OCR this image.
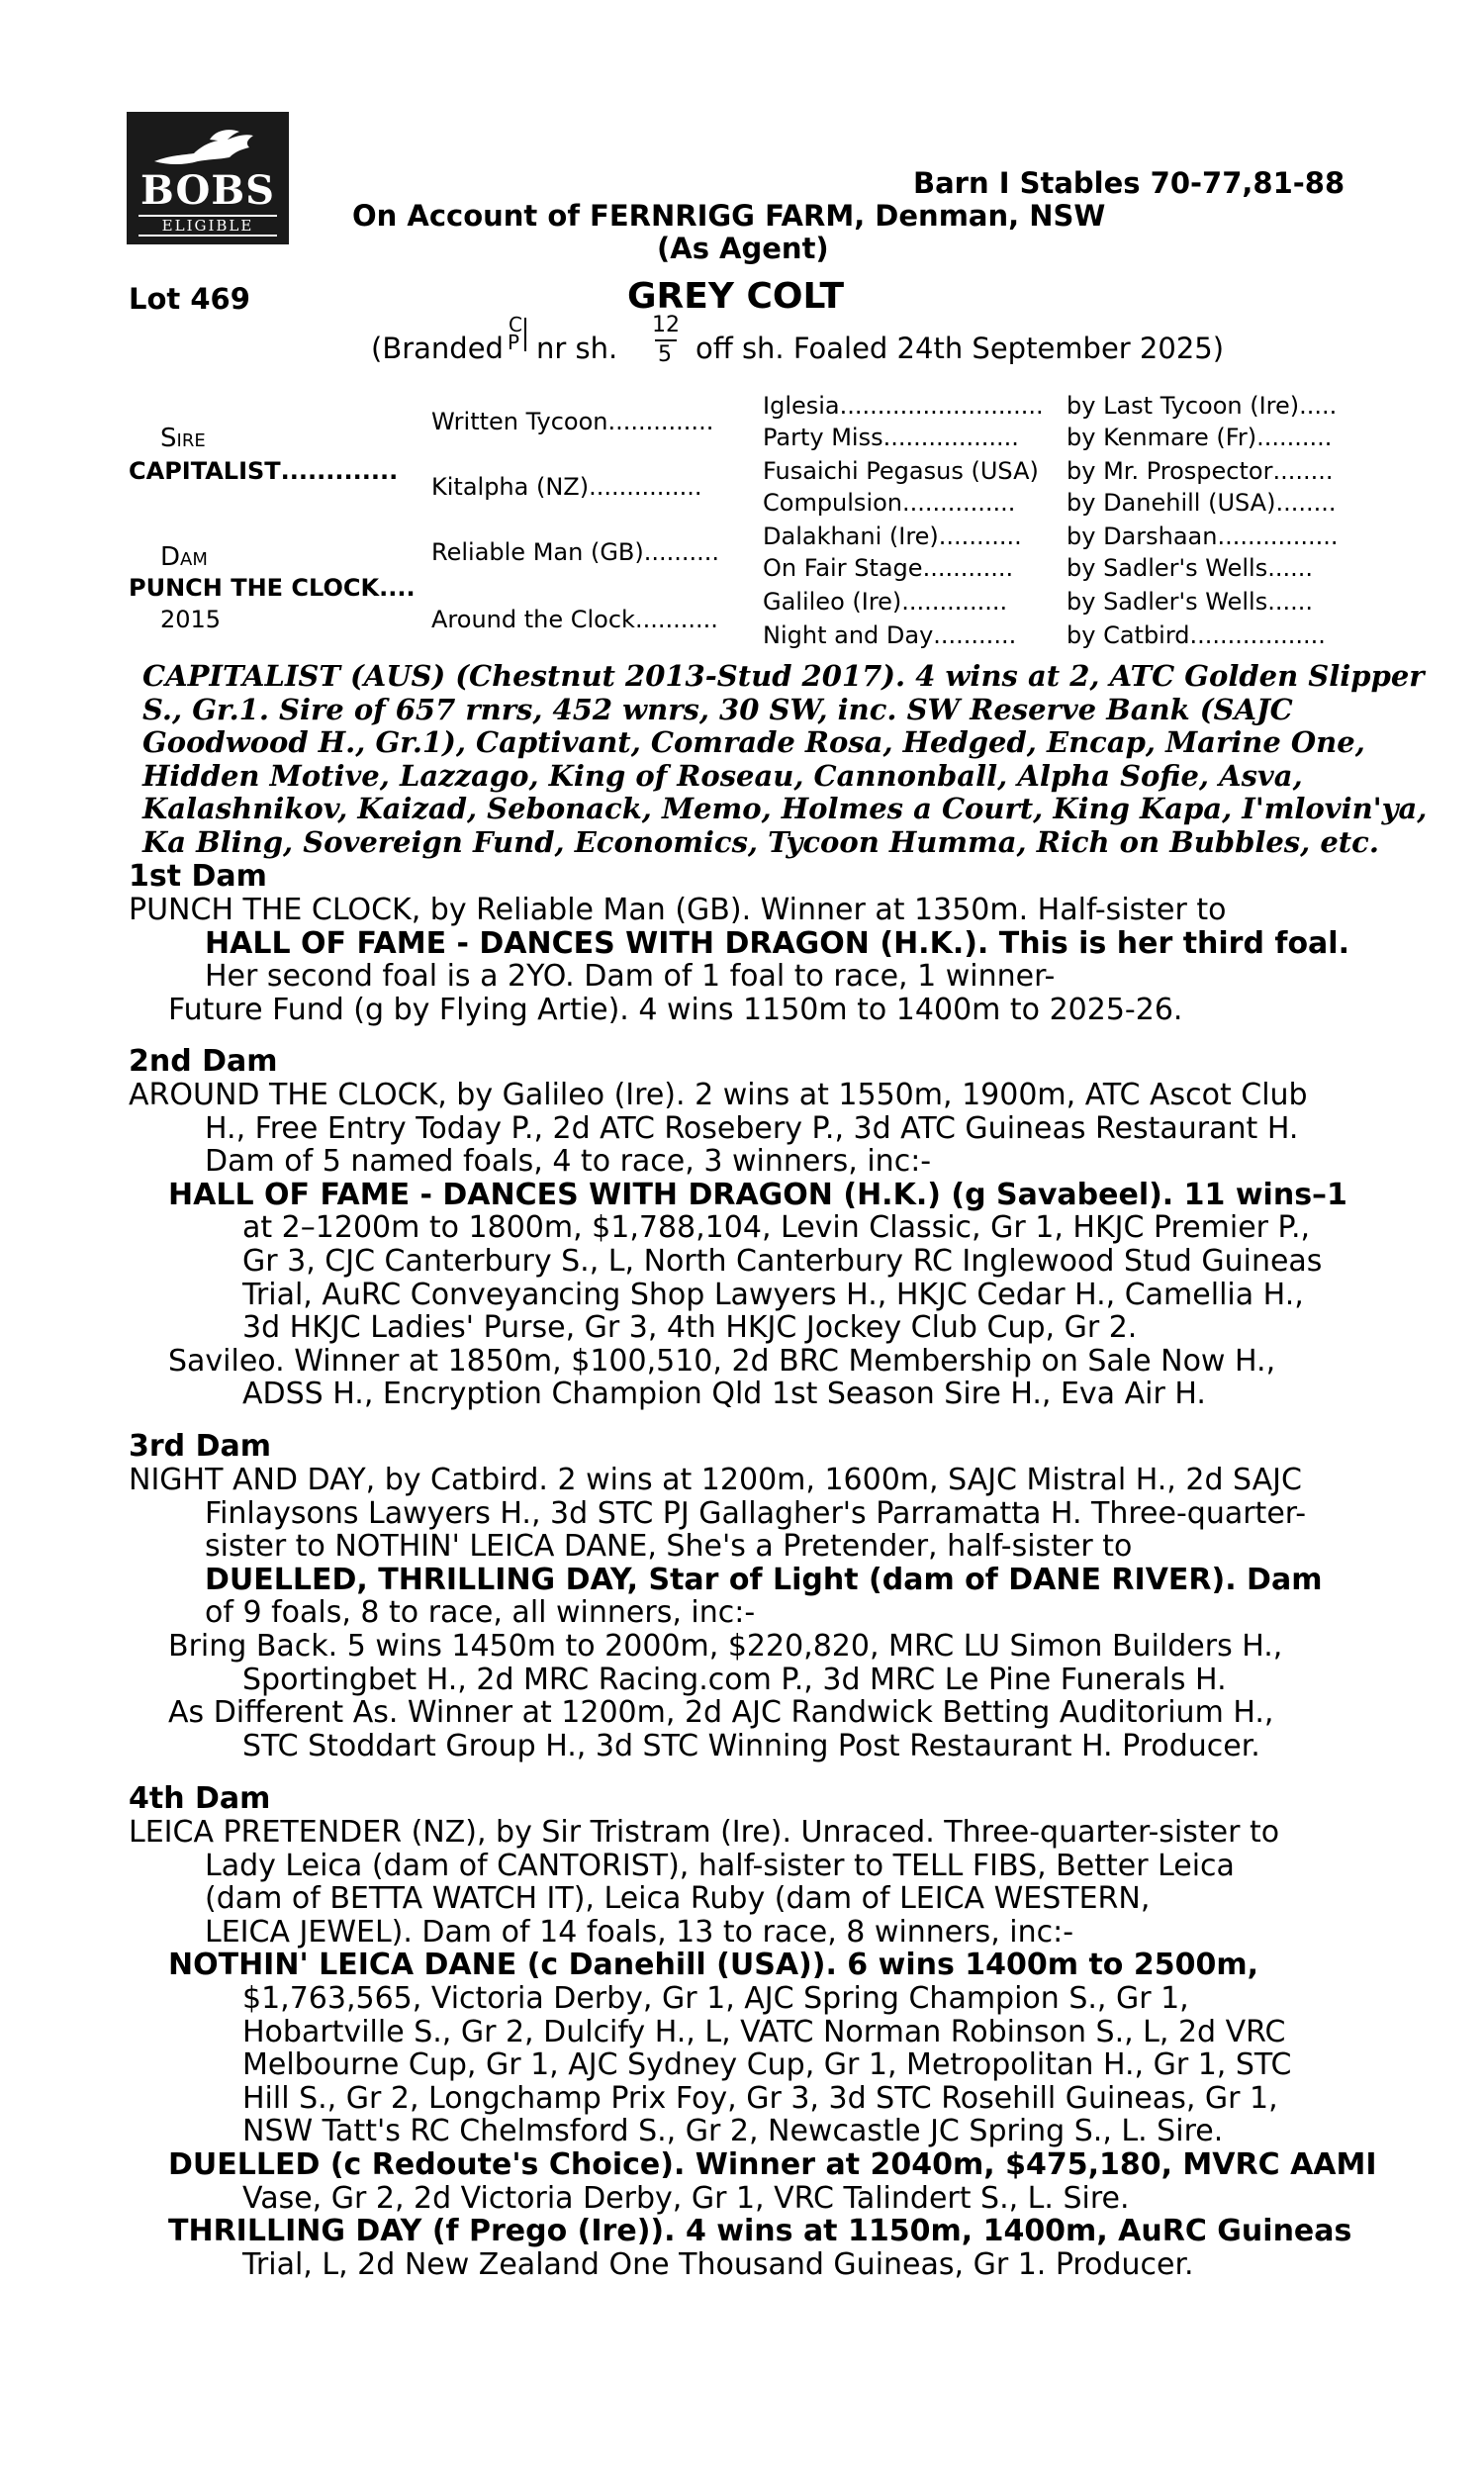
BOBS
ELIGIBLE
Barn I Stables 70-77,81-88
On Account of FERNRIGG FARM, Denman, NSW
(As Agent)
Lot 469	GREY COLT
(Branded
C
P nr sh.
12
5 off sh. Foaled 24th September 2025)
Sire
CAPITALIST.............
Dam
PUNCH THE CLOCK....
2015
Written Tycoon..............
Kitalpha (NZ)...............
Reliable Man (GB)..........
Around the Clock...........
Iglesia...........................
Party Miss..................
Fusaichi Pegasus (USA)
Compulsion...............
Dalakhani (Ire)...........
On Fair Stage............
Galileo (Ire)..............
Night and Day...........
by Last Tycoon (Ire).....
by Kenmare (Fr)..........
by Mr. Prospector........
by Danehill (USA)........
by Darshaan................
by Sadler's Wells......
by Sadler's Wells......
by Catbird..................
CAPITALIST (AUS) (Chestnut 2013-Stud 2017). 4 wins at 2, ATC Golden Slipper
S., Gr.1. Sire of 657 rnrs, 452 wnrs, 30 SW, inc. SW Reserve Bank (SAJC
Goodwood H., Gr.1), Captivant, Comrade Rosa, Hedged, Encap, Marine One,
Hidden Motive, Lazzago, King of Roseau, Cannonball, Alpha Sofie, Asva,
Kalashnikov, Kaizad, Sebonack, Memo, Holmes a Court, King Kapa, I'mlovin'ya,
Ka Bling, Sovereign Fund, Economics, Tycoon Humma, Rich on Bubbles, etc.
1st Dam
PUNCH THE CLOCK, by Reliable Man (GB). Winner at 1350m. Half-sister to
HALL OF FAME - DANCES WITH DRAGON (H.K.). This is her third foal.
Her second foal is a 2YO. Dam of 1 foal to race, 1 winner-
Future Fund (g by Flying Artie). 4 wins 1150m to 1400m to 2025-26.
2nd Dam
AROUND THE CLOCK, by Galileo (Ire). 2 wins at 1550m, 1900m, ATC Ascot Club
H., Free Entry Today P., 2d ATC Rosebery P., 3d ATC Guineas Restaurant H.
Dam of 5 named foals, 4 to race, 3 winners, inc:-
HALL OF FAME - DANCES WITH DRAGON (H.K.) (g Savabeel). 11 wins–1
at 2–1200m to 1800m, $1,788,104, Levin Classic, Gr 1, HKJC Premier P.,
Gr 3, CJC Canterbury S., L, North Canterbury RC Inglewood Stud Guineas
Trial, AuRC Conveyancing Shop Lawyers H., HKJC Cedar H., Camellia H.,
3d HKJC Ladies' Purse, Gr 3, 4th HKJC Jockey Club Cup, Gr 2.
Savileo. Winner at 1850m, $100,510, 2d BRC Membership on Sale Now H.,
ADSS H., Encryption Champion Qld 1st Season Sire H., Eva Air H.
3rd Dam
NIGHT AND DAY, by Catbird. 2 wins at 1200m, 1600m, SAJC Mistral H., 2d SAJC
Finlaysons Lawyers H., 3d STC PJ Gallagher's Parramatta H. Three-quarter-
sister to NOTHIN' LEICA DANE, She's a Pretender, half-sister to
DUELLED, THRILLING DAY, Star of Light (dam of DANE RIVER). Dam
of 9 foals, 8 to race, all winners, inc:-
Bring Back. 5 wins 1450m to 2000m, $220,820, MRC LU Simon Builders H.,
Sportingbet H., 2d MRC Racing.com P., 3d MRC Le Pine Funerals H.
As Different As. Winner at 1200m, 2d AJC Randwick Betting Auditorium H.,
STC Stoddart Group H., 3d STC Winning Post Restaurant H. Producer.
4th Dam
LEICA PRETENDER (NZ), by Sir Tristram (Ire). Unraced. Three-quarter-sister to
Lady Leica (dam of CANTORIST), half-sister to TELL FIBS, Better Leica
(dam of BETTA WATCH IT), Leica Ruby (dam of LEICA WESTERN,
LEICA JEWEL). Dam of 14 foals, 13 to race, 8 winners, inc:-
NOTHIN' LEICA DANE (c Danehill (USA)). 6 wins 1400m to 2500m,
$1,763,565, Victoria Derby, Gr 1, AJC Spring Champion S., Gr 1,
Hobartville S., Gr 2, Dulcify H., L, VATC Norman Robinson S., L, 2d VRC
Melbourne Cup, Gr 1, AJC Sydney Cup, Gr 1, Metropolitan H., Gr 1, STC
Hill S., Gr 2, Longchamp Prix Foy, Gr 3, 3d STC Rosehill Guineas, Gr 1,
NSW Tatt's RC Chelmsford S., Gr 2, Newcastle JC Spring S., L. Sire.
DUELLED (c Redoute's Choice). Winner at 2040m, $475,180, MVRC AAMI
Vase, Gr 2, 2d Victoria Derby, Gr 1, VRC Talindert S., L. Sire.
THRILLING DAY (f Prego (Ire)). 4 wins at 1150m, 1400m, AuRC Guineas
Trial, L, 2d New Zealand One Thousand Guineas, Gr 1. Producer.
